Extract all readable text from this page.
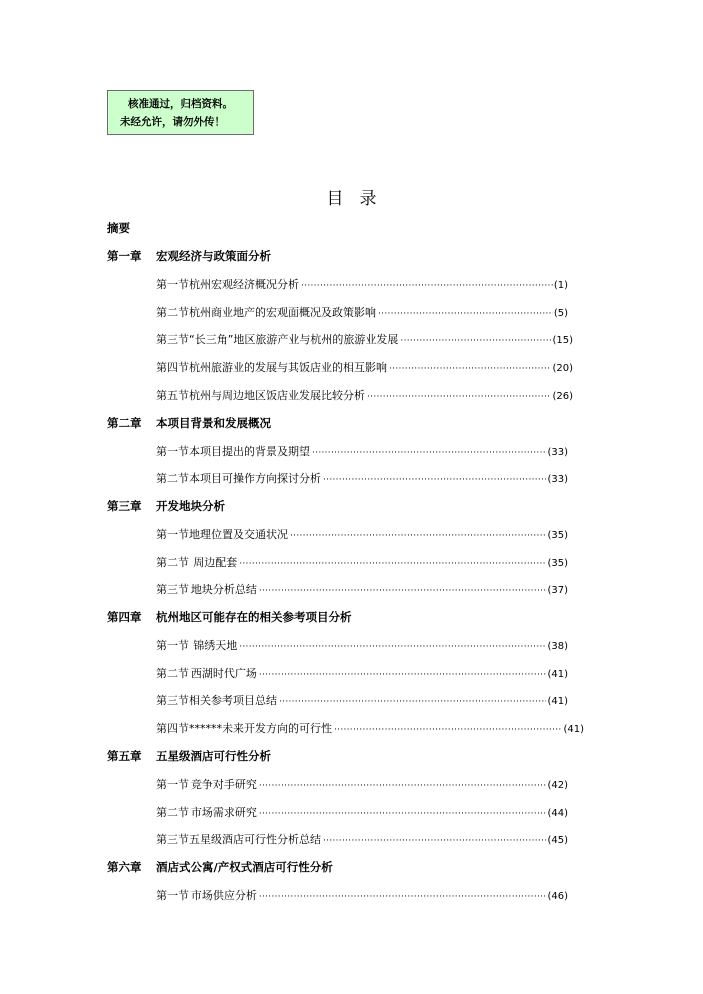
核准通过，归档资料。
未经允许，请勿外传！
目录
摘要
第一章	宏观经济与政策面分析
第一节 杭州宏观经济概况分析 ·····	(1)
第二节 杭州商业地产的宏观面概况及政策影响 ·····	(5)
第三节 “长三角”地区旅游产业与杭州的旅游业发展 ·····	(15)
第四节 杭州旅游业的发展与其饭店业的相互影响 ·····	(20)
第五节 杭州与周边地区饭店业发展比较分析 ·····	(26)
第二章	本项目背景和发展概况
第一节 本项目提出的背景及期望 ·····	(33)
第二节 本项目可操作方向探讨分析 ·····	(33)
第三章	开发地块分析
第一节 地理位置及交通状况 ·····	(35)
第二节 周边配套 ·····	(35)
第三节 地块分析总结 ·····	(37)
第四章	杭州地区可能存在的相关参考项目分析
第一节 锦绣天地 ·····	(38)
第二节 西湖时代广场 ·····	(41)
第三节 相关参考项目总结 ·····	(41)
第四节 ******未来开发方向的可行性 ·····	(41)
第五章	五星级酒店可行性分析
第一节 竞争对手研究 ·····	(42)
第二节 市场需求研究 ·····	(44)
第三节 五星级酒店可行性分析总结 ·····	(45)
第六章	酒店式公寓/产权式酒店可行性分析
第一节 市场供应分析 ·····	(46)
